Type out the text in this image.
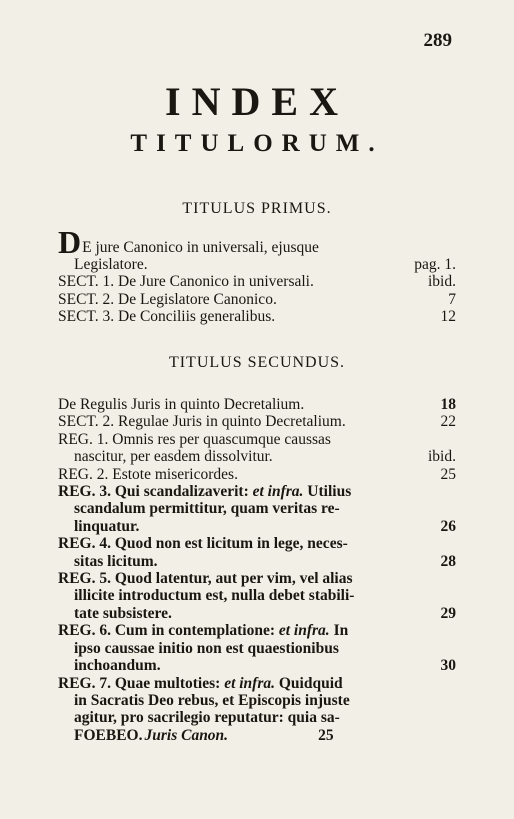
289
INDEX
TITULORUM.
TITULUS PRIMUS.
D E jure Canonico in universali, ejusque
Legislatore.	pag. 1.
SECT. 1. De Jure Canonico in universali.	ibid.
SECT. 2. De Legislatore Canonico.	7
SECT. 3. De Conciliis generalibus.	12
TITULUS SECUNDUS.
De Regulis Juris in quinto Decretalium.	18
SECT. 2. Regulae Juris in quinto Decretalium.	22
REG. 1. Omnis res per quascumque caussas
nascitur, per easdem dissolvitur.	ibid.
REG. 2. Estote misericordes.	25
REG. 3. Qui scandalizaverit: et infra. Utilius
scandalum permittitur, quam veritas re-
linquatur.	26
REG. 4. Quod non est licitum in lege, neces-
sitas licitum.	28
REG. 5. Quod latentur, aut per vim, vel alias
illicite introductum est, nulla debet stabili-
tate subsistere.	29
REG. 6. Cum in contemplatione: et infra. In
ipso caussae initio non est quaestionibus
inchoandum.	30
REG. 7. Quae multoties: et infra. Quidquid
in Sacratis Deo rebus, et Episcopis injuste
agitur, pro sacrilegio reputatur: quia sa-
FOEBEO. Juris Canon.	25
